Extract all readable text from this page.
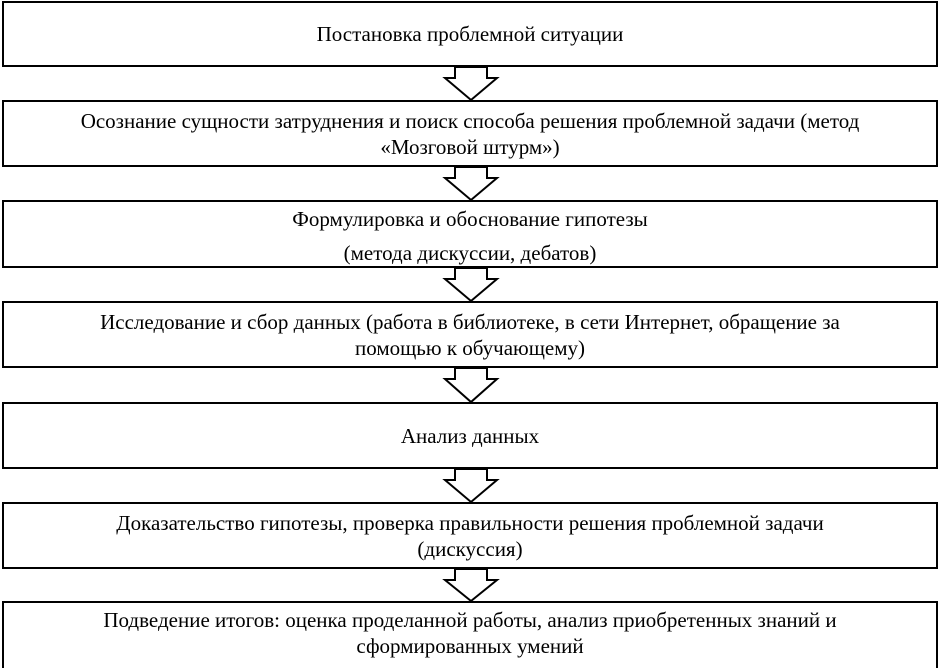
Постановка проблемной ситуации
Осознание сущности затруднения и поиск способа решения проблемной задачи (метод
«Мозговой штурм»)
Формулировка и обоснование гипотезы
(метода дискуссии, дебатов)
Исследование и сбор данных (работа в библиотеке, в сети Интернет, обращение за
помощью к обучающему)
Анализ данных
Доказательство гипотезы, проверка правильности решения проблемной задачи
(дискуссия)
Подведение итогов: оценка проделанной работы, анализ приобретенных знаний и
сформированных умений
